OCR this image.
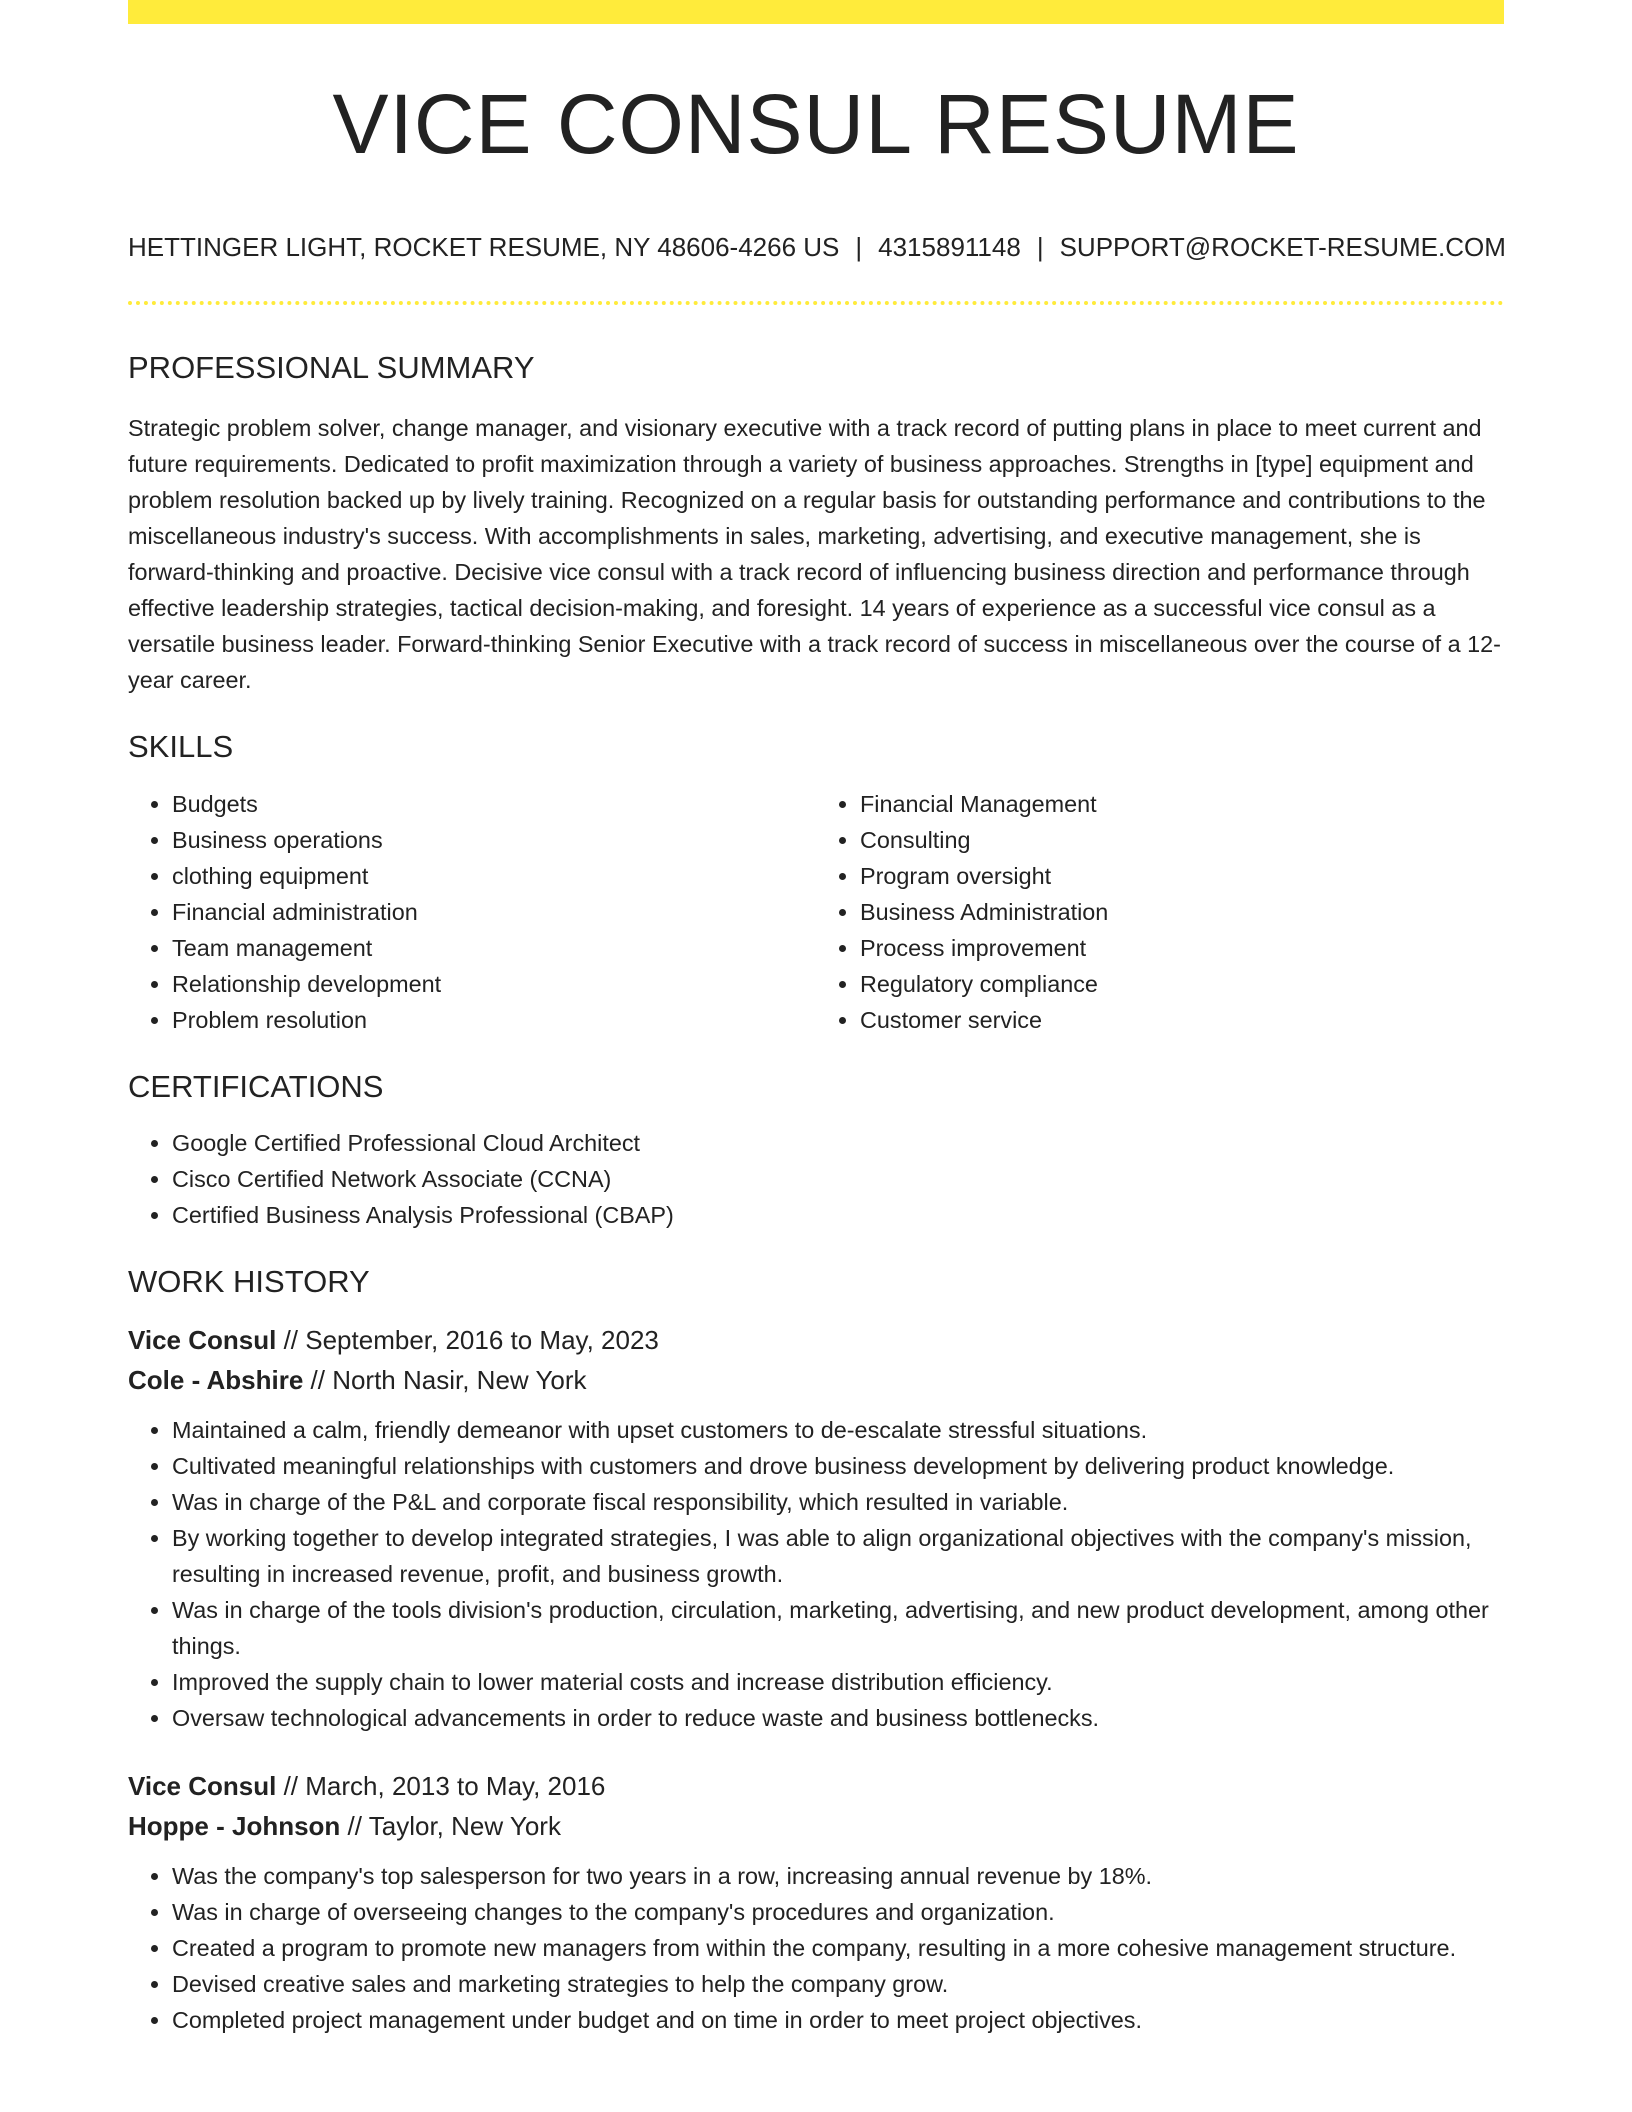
VICE CONSUL RESUME
HETTINGER LIGHT, ROCKET RESUME, NY 48606-4266 US | 4315891148 | SUPPORT@ROCKET-RESUME.COM
PROFESSIONAL SUMMARY

Strategic problem solver, change manager, and visionary executive with a track record of putting plans in place to meet current and future requirements. Dedicated to profit maximization through a variety of business approaches. Strengths in [type] equipment and problem resolution backed up by lively training. Recognized on a regular basis for outstanding performance and contributions to the miscellaneous industry's success. With accomplishments in sales, marketing, advertising, and executive management, she is forward-thinking and proactive. Decisive vice consul with a track record of influencing business direction and performance through effective leadership strategies, tactical decision-making, and foresight. 14 years of experience as a successful vice consul as a versatile business leader. Forward-thinking Senior Executive with a track record of success in miscellaneous over the course of a 12-year career.

SKILLS
• Budgets
• Business operations
• clothing equipment
• Financial administration
• Team management
• Relationship development
• Problem resolution
• Financial Management
• Consulting
• Program oversight
• Business Administration
• Process improvement
• Regulatory compliance
• Customer service
CERTIFICATIONS
• Google Certified Professional Cloud Architect
• Cisco Certified Network Associate (CCNA)
• Certified Business Analysis Professional (CBAP)
WORK HISTORY
Vice Consul // September, 2016 to May, 2023
Cole - Abshire // North Nasir, New York
• Maintained a calm, friendly demeanor with upset customers to de-escalate stressful situations.
• Cultivated meaningful relationships with customers and drove business development by delivering product knowledge.
• Was in charge of the P&L and corporate fiscal responsibility, which resulted in variable.
• By working together to develop integrated strategies, I was able to align organizational objectives with the company's mission, resulting in increased revenue, profit, and business growth.
• Was in charge of the tools division's production, circulation, marketing, advertising, and new product development, among other things.
• Improved the supply chain to lower material costs and increase distribution efficiency.
• Oversaw technological advancements in order to reduce waste and business bottlenecks.
Vice Consul // March, 2013 to May, 2016
Hoppe - Johnson // Taylor, New York
• Was the company's top salesperson for two years in a row, increasing annual revenue by 18%.
• Was in charge of overseeing changes to the company's procedures and organization.
• Created a program to promote new managers from within the company, resulting in a more cohesive management structure.
• Devised creative sales and marketing strategies to help the company grow.
• Completed project management under budget and on time in order to meet project objectives.
